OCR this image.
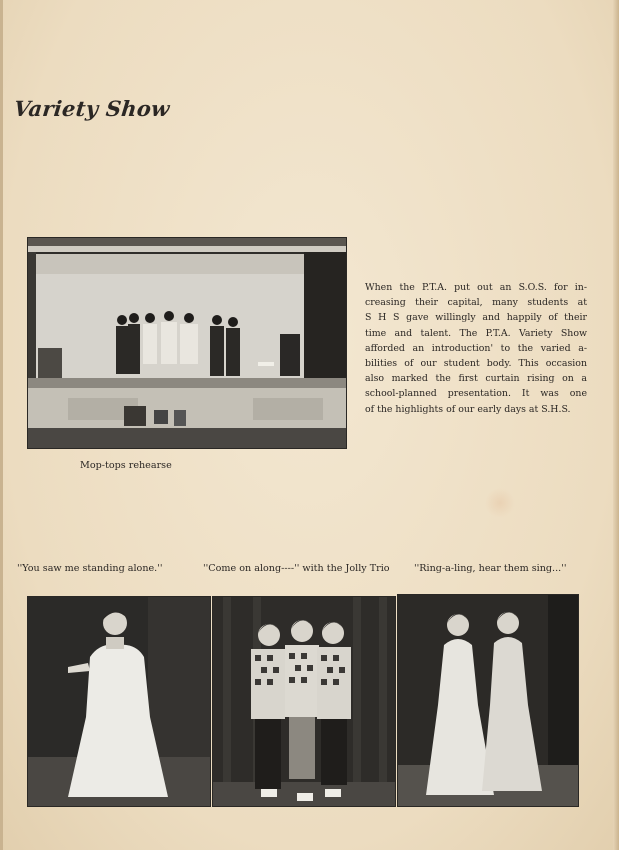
Variety Show
Mop-tops rehearse
When the P.T.A. put out an S.O.S. for in-
creasing their capital, many students at
S H S gave willingly and happily of their
time and talent. The P.T.A. Variety Show
afforded an introduction' to the varied a-
bilities of our student body. This occasion
also marked the first curtain rising on a
school-planned presentation. It was one
of the highlights of our early days at S.H.S.
''You saw me standing alone.''	''Come on along----'' with the Jolly Trio	''Ring-a-ling, hear them sing...''
